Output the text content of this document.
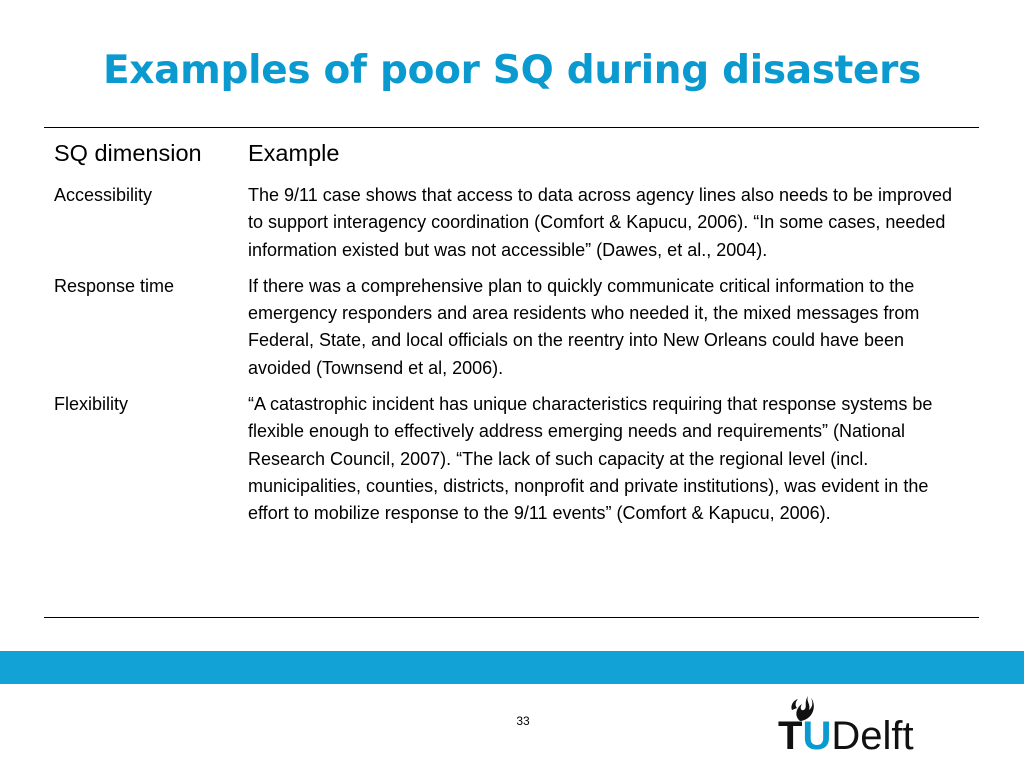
Examples of poor SQ during disasters
SQ dimension	Example
Accessibility	The 9/11 case shows that access to data across agency lines also needs to be improved to support interagency coordination (Comfort & Kapucu, 2006). “In some cases, needed information existed but was not accessible” (Dawes, et al., 2004).
Response time	If there was a comprehensive plan to quickly communicate critical information to the emergency responders and area residents who needed it, the mixed messages from Federal, State, and local officials on the reentry into New Orleans could have been avoided (Townsend et al, 2006).
Flexibility	“A catastrophic incident has unique characteristics requiring that response systems be flexible enough to effectively address emerging needs and requirements” (National Research Council, 2007). “The lack of such capacity at the regional level (incl. municipalities, counties, districts, nonprofit and private institutions), was evident in the effort to mobilize response to the 9/11 events” (Comfort & Kapucu, 2006).
33	TUDelft
